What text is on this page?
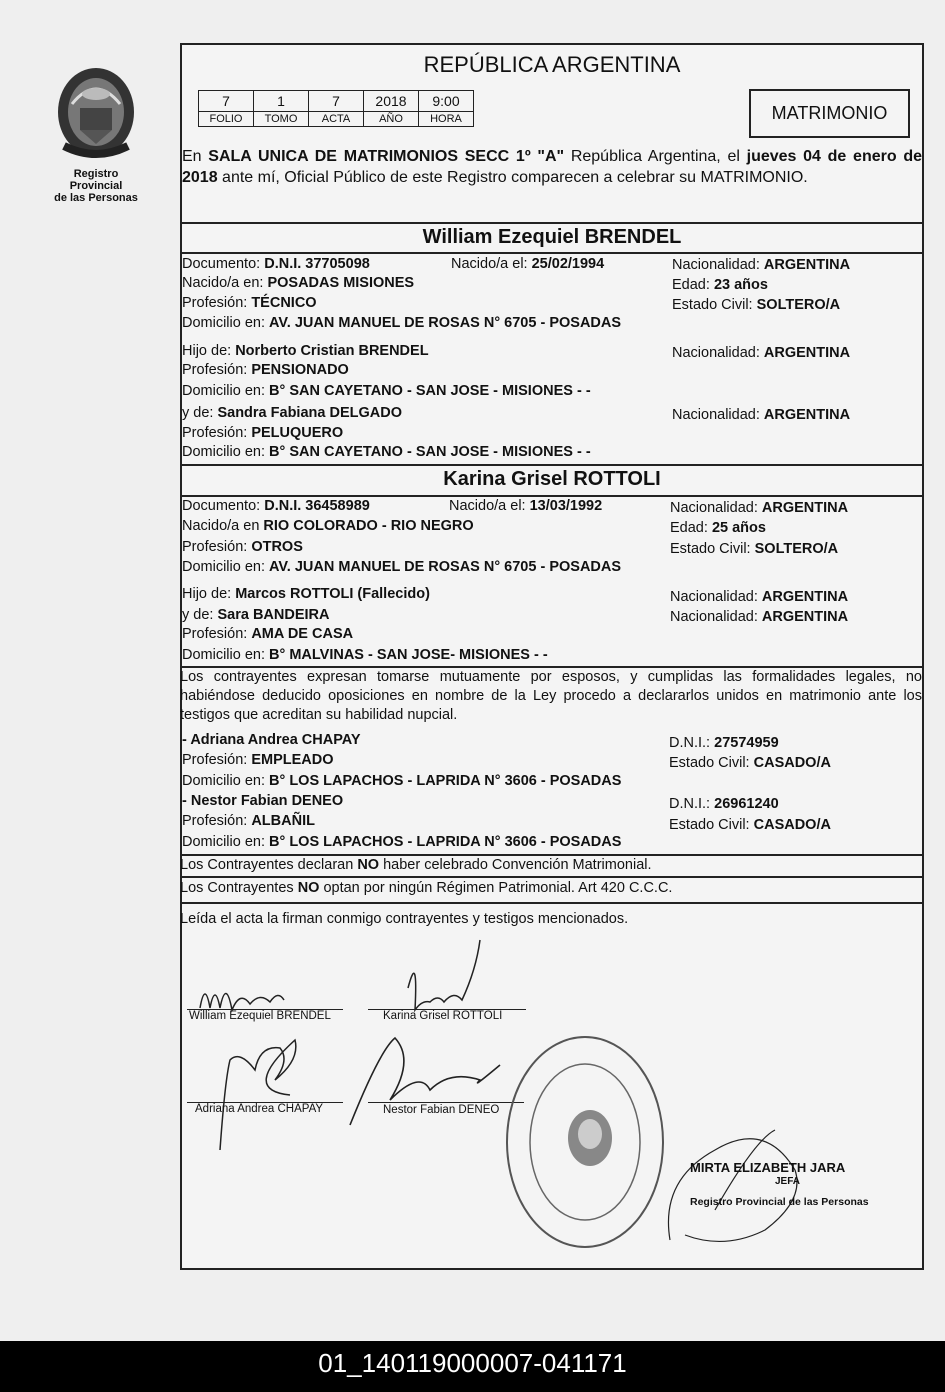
Registro Provincial
de las Personas
REPÚBLICA ARGENTINA
7	1	7	2018	9:00
FOLIO	TOMO	ACTA	AÑO	HORA	MATRIMONIO
En SALA UNICA DE MATRIMONIOS SECC 1º "A" República Argentina, el jueves 04 de enero de 2018 ante mí, Oficial Público de este Registro comparecen a celebrar su MATRIMONIO.
William Ezequiel BRENDEL
Documento: D.N.I. 37705098	Nacido/a el: 25/02/1994	Nacionalidad: ARGENTINA
Nacido/a en: POSADAS MISIONES	Edad: 23 años
Profesión: TÉCNICO	Estado Civil: SOLTERO/A
Domicilio en: AV. JUAN MANUEL DE ROSAS N° 6705 - POSADAS
Hijo de: Norberto Cristian BRENDEL	Nacionalidad: ARGENTINA
Profesión: PENSIONADO
Domicilio en: B° SAN CAYETANO - SAN JOSE - MISIONES - -
y de: Sandra Fabiana DELGADO	Nacionalidad: ARGENTINA
Profesión: PELUQUERO
Domicilio en: B° SAN CAYETANO - SAN JOSE - MISIONES - -
Karina Grisel ROTTOLI
Documento: D.N.I. 36458989	Nacido/a el: 13/03/1992	Nacionalidad: ARGENTINA
Nacido/a en RIO COLORADO - RIO NEGRO	Edad: 25 años
Profesión: OTROS	Estado Civil: SOLTERO/A
Domicilio en: AV. JUAN MANUEL DE ROSAS N° 6705 - POSADAS
Hijo de: Marcos ROTTOLI (Fallecido)	Nacionalidad: ARGENTINA
y de: Sara BANDEIRA	Nacionalidad: ARGENTINA
Profesión: AMA DE CASA
Domicilio en: B° MALVINAS - SAN JOSE- MISIONES - -
Los contrayentes expresan tomarse mutuamente por esposos, y cumplidas las formalidades legales, no habiéndose deducido oposiciones en nombre de la Ley procedo a declararlos unidos en matrimonio ante los testigos que acreditan su habilidad nupcial.
- Adriana Andrea CHAPAY	D.N.I.: 27574959
Profesión: EMPLEADO	Estado Civil: CASADO/A
Domicilio en: B° LOS LAPACHOS - LAPRIDA N° 3606 - POSADAS
- Nestor Fabian DENEO	D.N.I.: 26961240
Profesión: ALBAÑIL	Estado Civil: CASADO/A
Domicilio en: B° LOS LAPACHOS - LAPRIDA N° 3606 - POSADAS
Los Contrayentes declaran NO haber celebrado Convención Matrimonial.
Los Contrayentes NO optan por ningún Régimen Patrimonial. Art 420 C.C.C.
Leída el acta la firman conmigo contrayentes y testigos mencionados.
William Ezequiel BRENDEL	Karina Grisel ROTTOLI
Adriana Andrea CHAPAY	Nestor Fabian DENEO
MIRTA ELIZABETH JARA
JEFA
Registro Provincial de las Personas
01_140119000007-041171
